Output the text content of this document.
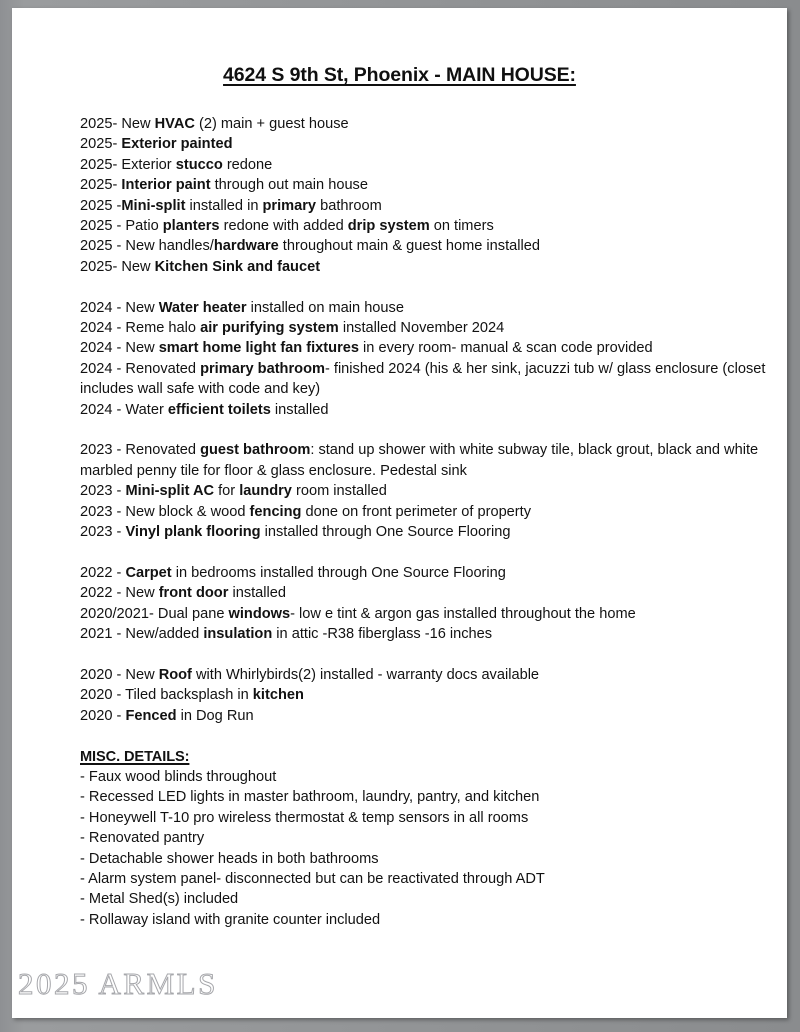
4624 S 9th St, Phoenix - MAIN HOUSE:
2025- New HVAC (2) main + guest house
2025- Exterior painted
2025- Exterior stucco redone
2025- Interior paint through out main house
2025 -Mini-split installed in primary bathroom
2025 - Patio planters redone with added drip system on timers
2025 - New handles/hardware throughout main & guest home installed
2025- New Kitchen Sink and faucet
2024 - New Water heater installed on main house
2024 - Reme halo air purifying system installed November 2024
2024 - New smart home light fan fixtures in every room- manual & scan code provided
2024 - Renovated primary bathroom- finished 2024 (his & her sink, jacuzzi tub w/ glass enclosure (closet includes wall safe with code and key)
2024 - Water efficient toilets installed
2023 - Renovated guest bathroom: stand up shower with white subway tile, black grout, black and white marbled penny tile for floor & glass enclosure. Pedestal sink
2023 - Mini-split AC for laundry room installed
2023 - New block & wood fencing done on front perimeter of property
2023 - Vinyl plank flooring installed through One Source Flooring
2022 - Carpet in bedrooms installed through One Source Flooring
2022 - New front door installed
2020/2021- Dual pane windows- low e tint & argon gas installed throughout the home
2021 - New/added insulation in attic -R38 fiberglass -16 inches
2020 - New Roof with Whirlybirds(2) installed - warranty docs available
2020 - Tiled backsplash in kitchen
2020 - Fenced in Dog Run
MISC. DETAILS:
- Faux wood blinds throughout
- Recessed LED lights in master bathroom, laundry, pantry, and kitchen
- Honeywell T-10 pro wireless thermostat & temp sensors in all rooms
- Renovated pantry
- Detachable shower heads in both bathrooms
- Alarm system panel- disconnected but can be reactivated through ADT
- Metal Shed(s) included
- Rollaway island with granite counter included
2025 ARMLS
